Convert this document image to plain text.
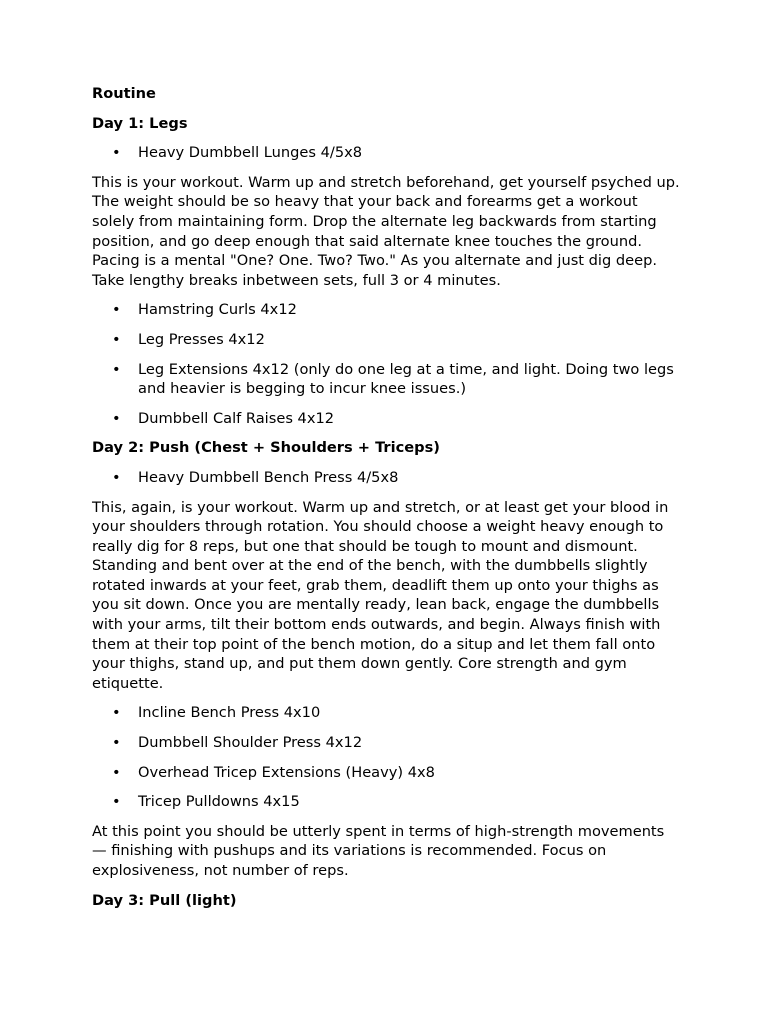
Routine
Day 1: Legs
• Heavy Dumbbell Lunges 4/5x8
This is your workout. Warm up and stretch beforehand, get yourself psyched up. The weight should be so heavy that your back and forearms get a workout solely from maintaining form. Drop the alternate leg backwards from starting position, and go deep enough that said alternate knee touches the ground. Pacing is a mental "One? One. Two? Two." As you alternate and just dig deep. Take lengthy breaks inbetween sets, full 3 or 4 minutes.
• Hamstring Curls 4x12
• Leg Presses 4x12
• Leg Extensions 4x12 (only do one leg at a time, and light. Doing two legs and heavier is begging to incur knee issues.)
• Dumbbell Calf Raises 4x12
Day 2: Push (Chest + Shoulders + Triceps)
• Heavy Dumbbell Bench Press 4/5x8
This, again, is your workout. Warm up and stretch, or at least get your blood in your shoulders through rotation. You should choose a weight heavy enough to really dig for 8 reps, but one that should be tough to mount and dismount. Standing and bent over at the end of the bench, with the dumbbells slightly rotated inwards at your feet, grab them, deadlift them up onto your thighs as you sit down. Once you are mentally ready, lean back, engage the dumbbells with your arms, tilt their bottom ends outwards, and begin. Always finish with them at their top point of the bench motion, do a situp and let them fall onto your thighs, stand up, and put them down gently. Core strength and gym etiquette.
• Incline Bench Press 4x10
• Dumbbell Shoulder Press 4x12
• Overhead Tricep Extensions (Heavy) 4x8
• Tricep Pulldowns 4x15
At this point you should be utterly spent in terms of high-strength movements — finishing with pushups and its variations is recommended. Focus on explosiveness, not number of reps.
Day 3: Pull (light)
